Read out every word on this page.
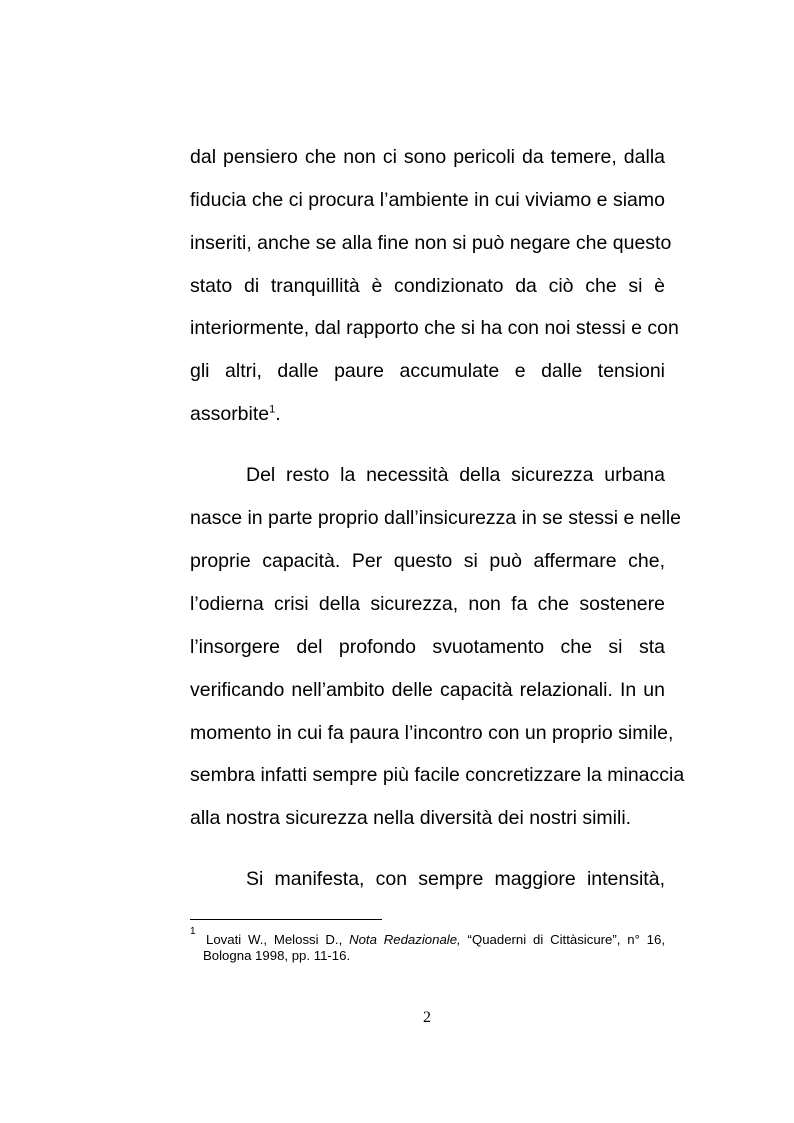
dal pensiero che non ci sono pericoli da temere, dalla
fiducia che ci procura l’ambiente in cui viviamo e siamo
inseriti, anche se alla fine non si può negare che questo
stato di tranquillità è condizionato da ciò che si è
interiormente, dal rapporto che si ha con noi stessi e con
gli altri, dalle paure accumulate e dalle tensioni
assorbite$^1$.
Del resto la necessità della sicurezza urbana
nasce in parte proprio dall’insicurezza in se stessi e nelle
proprie capacità. Per questo si può affermare che,
l’odierna crisi della sicurezza, non fa che sostenere
l’insorgere del profondo svuotamento che si sta
verificando nell’ambito delle capacità relazionali. In un
momento in cui fa paura l’incontro con un proprio simile,
sembra infatti sempre più facile concretizzare la minaccia
alla nostra sicurezza nella diversità dei nostri simili.
Si manifesta, con sempre maggiore intensità,
1
Lovati W., Melossi D., Nota Redazionale, “Quaderni di Cittàsicure”, n° 16,
Bologna 1998, pp. 11-16.
2
